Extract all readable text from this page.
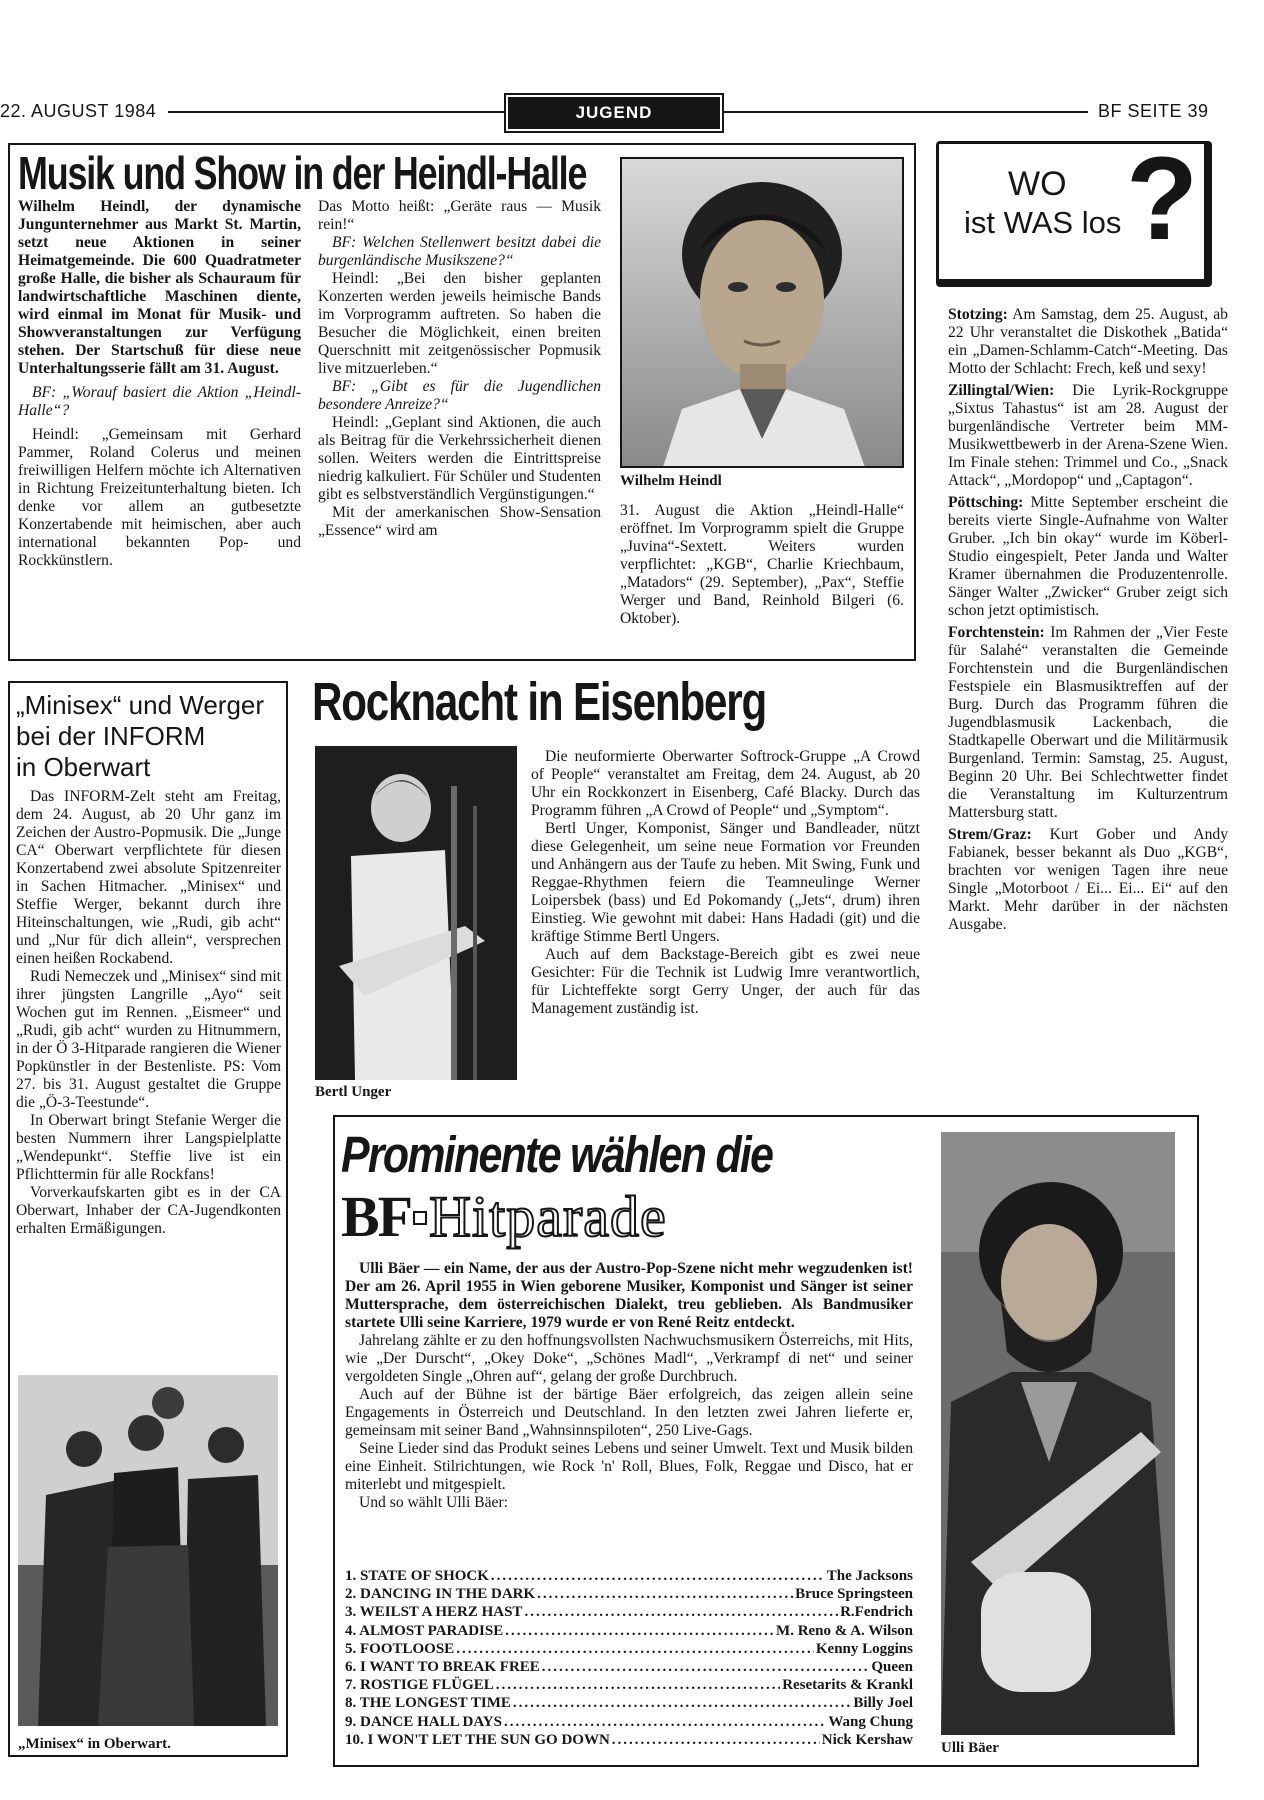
22. AUGUST 1984	JUGEND	BF SEITE 39
Musik und Show in der Heindl-Halle

Wilhelm Heindl, der dynamische Jungunternehmer aus Markt St. Martin, setzt neue Aktionen in seiner Heimatgemeinde. Die 600 Quadratmeter große Halle, die bisher als Schauraum für landwirtschaftliche Maschinen diente, wird einmal im Monat für Musik- und Showveranstaltungen zur Verfügung stehen. Der Startschuß für diese neue Unterhaltungsserie fällt am 31. August.

BF: „Worauf basiert die Aktion „Heindl-Halle“?

Heindl: „Gemeinsam mit Gerhard Pammer, Roland Colerus und meinen freiwilligen Helfern möchte ich Alternativen in Richtung Freizeitunterhaltung bieten. Ich denke vor allem an gutbesetzte Konzertabende mit heimischen, aber auch international bekannten Pop- und Rockkünstlern.

Das Motto heißt: „Geräte raus — Musik rein!“

BF: Welchen Stellenwert besitzt dabei die burgenländische Musikszene?“

Heindl: „Bei den bisher geplanten Konzerten werden jeweils heimische Bands im Vorprogramm auftreten. So haben die Besucher die Möglichkeit, einen breiten Querschnitt mit zeitgenössischer Popmusik live mitzuerleben.“

BF: „Gibt es für die Jugendlichen besondere Anreize?“

Heindl: „Geplant sind Aktionen, die auch als Beitrag für die Verkehrssicherheit dienen sollen. Weiters werden die Eintrittspreise niedrig kalkuliert. Für Schüler und Studenten gibt es selbstverständlich Vergünstigungen.“

Mit der amerkanischen Show-Sensation „Essence“ wird am

Wilhelm Heindl

31. August die Aktion „Heindl-Halle“ eröffnet. Im Vorprogramm spielt die Gruppe „Juvina“-Sextett. Weiters wurden verpflichtet: „KGB“, Charlie Kriechbaum, „Matadors“ (29. September), „Pax“, Steffie Werger und Band, Reinhold Bilgeri (6. Oktober).

WO
ist WAS los ?

Stotzing: Am Samstag, dem 25. August, ab 22 Uhr veranstaltet die Diskothek „Batida“ ein „Damen-Schlamm-Catch“-Meeting. Das Motto der Schlacht: Frech, keß und sexy!

Zillingtal/Wien: Die Lyrik-Rockgruppe „Sixtus Tahastus“ ist am 28. August der burgenländische Vertreter beim MM-Musikwettbewerb in der Arena-Szene Wien. Im Finale stehen: Trimmel und Co., „Snack Attack“, „Mordopop“ und „Captagon“.

Pöttsching: Mitte September erscheint die bereits vierte Single-Aufnahme von Walter Gruber. „Ich bin okay“ wurde im Köberl-Studio eingespielt, Peter Janda und Walter Kramer übernahmen die Produzentenrolle. Sänger Walter „Zwicker“ Gruber zeigt sich schon jetzt optimistisch.

Forchtenstein: Im Rahmen der „Vier Feste für Salahé“ veranstalten die Gemeinde Forchtenstein und die Burgenländischen Festspiele ein Blasmusiktreffen auf der Burg. Durch das Programm führen die Jugendblasmusik Lackenbach, die Stadtkapelle Oberwart und die Militärmusik Burgenland. Termin: Samstag, 25. August, Beginn 20 Uhr. Bei Schlechtwetter findet die Veranstaltung im Kulturzentrum Mattersburg statt.

Strem/Graz: Kurt Gober und Andy Fabianek, besser bekannt als Duo „KGB“, brachten vor wenigen Tagen ihre neue Single „Motorboot / Ei... Ei... Ei“ auf den Markt. Mehr darüber in der nächsten Ausgabe.

„Minisex“ und Werger
bei der INFORM
in Oberwart

Das INFORM-Zelt steht am Freitag, dem 24. August, ab 20 Uhr ganz im Zeichen der Austro-Popmusik. Die „Junge CA“ Oberwart verpflichtete für diesen Konzertabend zwei absolute Spitzenreiter in Sachen Hitmacher. „Minisex“ und Steffie Werger, bekannt durch ihre Hiteinschaltungen, wie „Rudi, gib acht“ und „Nur für dich allein“, versprechen einen heißen Rockabend.

Rudi Nemeczek und „Minisex“ sind mit ihrer jüngsten Langrille „Ayo“ seit Wochen gut im Rennen. „Eismeer“ und „Rudi, gib acht“ wurden zu Hitnummern, in der Ö 3-Hitparade rangieren die Wiener Popkünstler in der Bestenliste. PS: Vom 27. bis 31. August gestaltet die Gruppe die „Ö-3-Teestunde“.

In Oberwart bringt Stefanie Werger die besten Nummern ihrer Langspielplatte „Wendepunkt“. Steffie live ist ein Pflichttermin für alle Rockfans!

Vorverkaufskarten gibt es in der CA Oberwart, Inhaber der CA-Jugendkonten erhalten Ermäßigungen.

„Minisex“ in Oberwart.
Rocknacht in Eisenberg
Bertl Unger

Die neuformierte Oberwarter Softrock-Gruppe „A Crowd of People“ veranstaltet am Freitag, dem 24. August, ab 20 Uhr ein Rockkonzert in Eisenberg, Café Blacky. Durch das Programm führen „A Crowd of People“ und „Symptom“.

Bertl Unger, Komponist, Sänger und Bandleader, nützt diese Gelegenheit, um seine neue Formation vor Freunden und Anhängern aus der Taufe zu heben. Mit Swing, Funk und Reggae-Rhythmen feiern die Teamneulinge Werner Loipersbek (bass) und Ed Pokomandy („Jets“, drum) ihren Einstieg. Wie gewohnt mit dabei: Hans Hadadi (git) und die kräftige Stimme Bertl Ungers.

Auch auf dem Backstage-Bereich gibt es zwei neue Gesichter: Für die Technik ist Ludwig Imre verantwortlich, für Lichteffekte sorgt Gerry Unger, der auch für das Management zuständig ist.

Prominente wählen die
BF Hitparade

Ulli Bäer — ein Name, der aus der Austro-Pop-Szene nicht mehr wegzudenken ist! Der am 26. April 1955 in Wien geborene Musiker, Komponist und Sänger ist seiner Muttersprache, dem österreichischen Dialekt, treu geblieben. Als Bandmusiker startete Ulli seine Karriere, 1979 wurde er von René Reitz entdeckt.

Jahrelang zählte er zu den hoffnungsvollsten Nachwuchsmusikern Österreichs, mit Hits, wie „Der Durscht“, „Okey Doke“, „Schönes Madl“, „Verkrampf di net“ und seiner vergoldeten Single „Ohren auf“, gelang der große Durchbruch.

Auch auf der Bühne ist der bärtige Bäer erfolgreich, das zeigen allein seine Engagements in Österreich und Deutschland. In den letzten zwei Jahren lieferte er, gemeinsam mit seiner Band „Wahnsinnspiloten“, 250 Live-Gags.

Seine Lieder sind das Produkt seines Lebens und seiner Umwelt. Text und Musik bilden eine Einheit. Stilrichtungen, wie Rock 'n' Roll, Blues, Folk, Reggae und Disco, hat er miterlebt und mitgespielt.

Und so wählt Ulli Bäer:

1. STATE OF SHOCK .....	The Jacksons
2. DANCING IN THE DARK .....	Bruce Springsteen
3. WEILST A HERZ HAST .....	R.Fendrich
4. ALMOST PARADISE .....	M. Reno & A. Wilson
5. FOOTLOOSE .....	Kenny Loggins
6. I WANT TO BREAK FREE .....	Queen
7. ROSTIGE FLÜGEL .....	Resetarits & Krankl
8. THE LONGEST TIME .....	Billy Joel
9. DANCE HALL DAYS .....	Wang Chung
10. I WON'T LET THE SUN GO DOWN .....	Nick Kershaw
Ulli Bäer
